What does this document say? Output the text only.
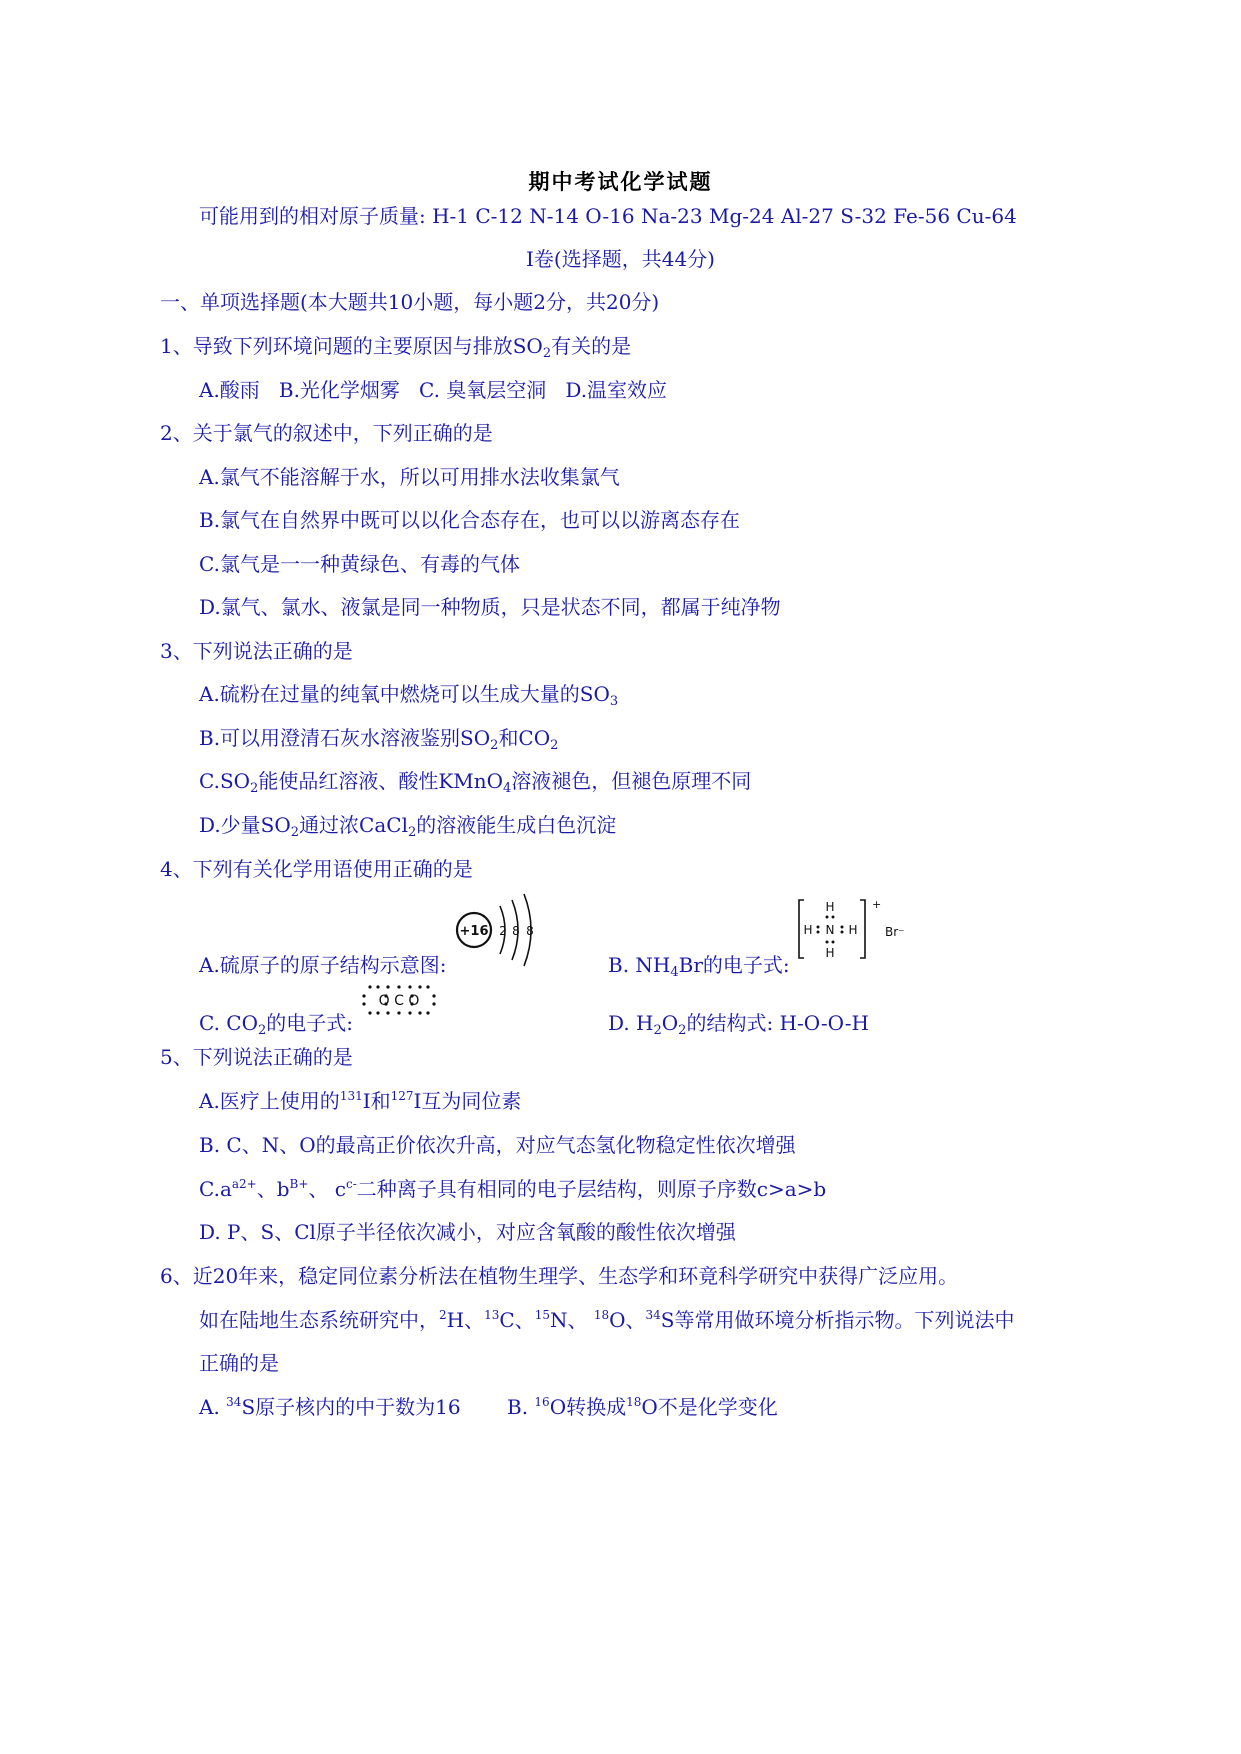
期中考试化学试题
可能用到的相对原子质量: H-1 C-12 N-14 O-16 Na-23 Mg-24 Al-27 S-32 Fe-56 Cu-64
I卷(选择题，共44分)
一、单项选择题(本大题共10小题，每小题2分，共20分)
1、导致下列环境问题的主要原因与排放$SO_2$有关的是
A.酸雨   B.光化学烟雾   C. 臭氧层空洞   D.温室效应
2、关于氯气的叙述中，下列正确的是
A.氯气不能溶解于水，所以可用排水法收集氯气
B.氯气在自然界中既可以以化合态存在，也可以以游离态存在
C.氯气是一一种黄绿色、有毒的气体
D.氯气、氯水、液氯是同一种物质，只是状态不同，都属于纯净物
3、下列说法正确的是
A.硫粉在过量的纯氧中燃烧可以生成大量的$SO_3$
B.可以用澄清石灰水溶液鉴别$SO_2$和$CO_2$
$C.SO_2$能使品红溶液、酸性KMnO$_4$溶液褪色，但褪色原理不同
D.少量$SO_2$通过浓CaCl$_2$的溶液能生成白色沉淀
4、下列有关化学用语使用正确的是
A.硫原子的原子结构示意图:
+16 2 8 8
B. $NH_4Br$的电子式:
H
H N H
H
+
Br⁻
C. $CO_2$的电子式:
O C O
D. $H_2O_2$的结构式: H-O-O-H
5、下列说法正确的是
A.医疗上使用的$^{131}$I和$^{127}$I互为同位素
B. C、N、O的最高正价依次升高，对应气态氢化物稳定性依次增强
$C.a^{a2+}$、$b^{B+}$、 $c^{c-}$二种离子具有相同的电子层结构，则原子序数c>a>b
D. P、S、Cl原子半径依次减小，对应含氧酸的酸性依次增强
6、近20年来，稳定同位素分析法在植物生理学、生态学和环竟科学研究中获得广泛应用。
如在陆地生态系统研究中，$^2$H、$^{13}$C、$^{15}$N、 $^{18}$O、$^{34}$S等常用做环境分析指示物。下列说法中
正确的是
A. $^{34}$S原子核内的中于数为16 B. $^{16}$O转换成$^{18}$O不是化学变化
